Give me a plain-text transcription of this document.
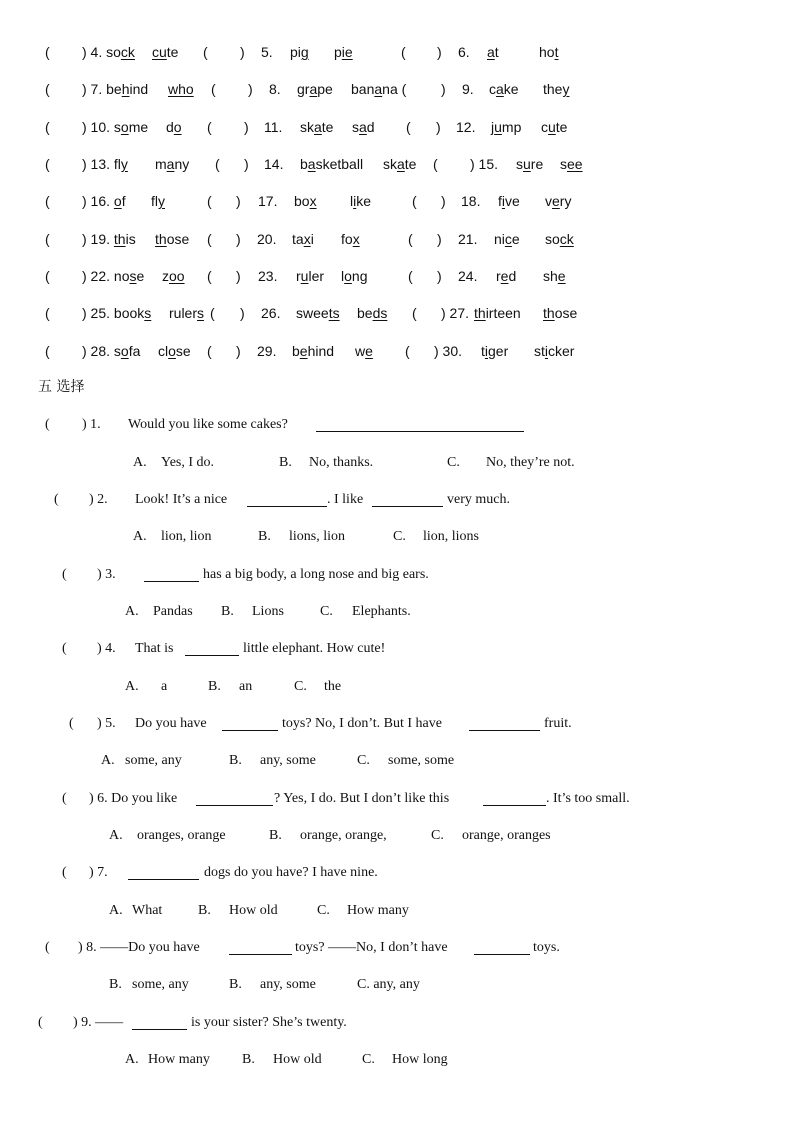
( ) 4. sock cute ( ) 5. pig pie	( ) 6. at	hot
( ) 7. behind who ( ) 8. grape banana ( ) 9. cake they
( ) 10. some do ( ) 11. skate sad ( ) 12. jump cute
( ) 13. fly many ( ) 14. basketball skate ( ) 15. sure see
( ) 16. of fly	( ) 17. box like	( ) 18. five very
( ) 19. this those ( ) 20. taxi fox	( ) 21. nice sock
( ) 22. nose zoo ( ) 23. ruler long	( ) 24. red she
( ) 25. books rulers ( ) 26. sweets beds ( ) 27. thirteen those
( ) 28. sofa close ( ) 29. behind we ( ) 30. tiger sticker
五 选择
( ) 1. Would you like some cakes?
A. Yes, I do.	B. No, thanks.	C. No, they’re not.
( ) 2. Look! It’s a nice	. I like	very much.
A. lion, lion	B. lions, lion	C. lion, lions
( ) 3.	has a big body, a long nose and big ears.
A. Pandas B. Lions	C. Elephants.
( ) 4. That is	little elephant. How cute!
A. a	B. an	C. the
( ) 5. Do you have	toys? No, I don’t. But I have	fruit.
A. some, any	B. any, some	C. some, some
( ) 6. Do you like	? Yes, I do. But I don’t like this	. It’s too small.
A. oranges, orange	B. orange, orange,	C. orange, oranges
( ) 7.	dogs do you have? I have nine.
A. What	B. How old	C. How many
( ) 8. ——Do you have	toys? ——No, I don’t have	toys.
B. some, any	B. any, some	C. any, any
( ) 9. ——	is your sister? She’s twenty.
A. How many B. How old	C. How long
